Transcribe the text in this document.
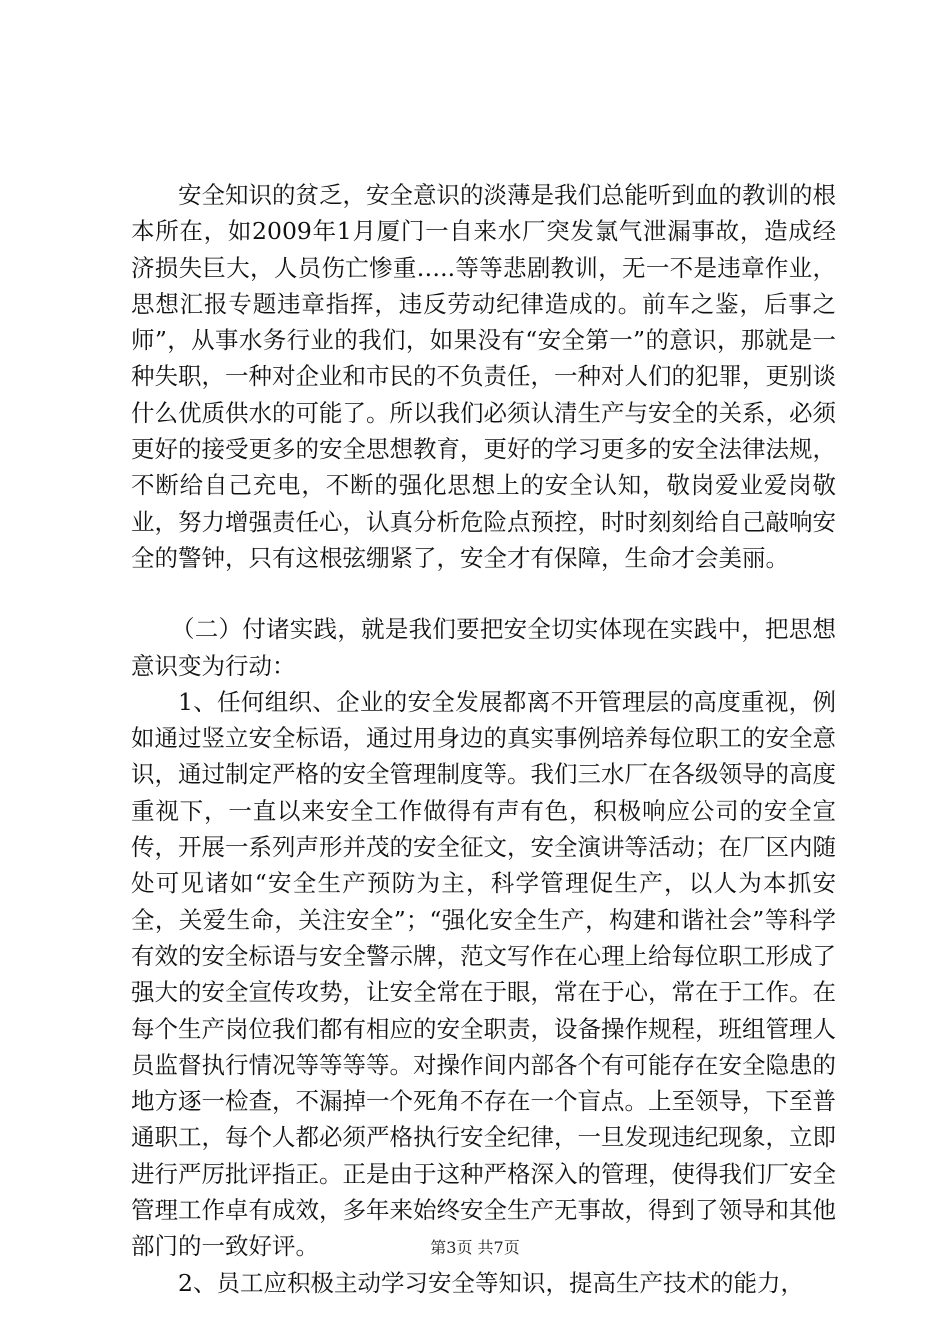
安全知识的贫乏，安全意识的淡薄是我们总能听到血的教训的根本所在，如2009年1月厦门一自来水厂突发氯气泄漏事故，造成经济损失巨大，人员伤亡惨重…..等等悲剧教训，无一不是违章作业，思想汇报专题违章指挥，违反劳动纪律造成的。前车之鉴，后事之师”，从事水务行业的我们，如果没有“安全第一”的意识，那就是一种失职，一种对企业和市民的不负责任，一种对人们的犯罪，更别谈什么优质供水的可能了。所以我们必须认清生产与安全的关系，必须更好的接受更多的安全思想教育，更好的学习更多的安全法律法规，不断给自己充电，不断的强化思想上的安全认知，敬岗爱业爱岗敬业，努力增强责任心，认真分析危险点预控，时时刻刻给自己敲响安全的警钟，只有这根弦绷紧了，安全才有保障，生命才会美丽。

（二）付诸实践，就是我们要把安全切实体现在实践中，把思想意识变为行动：

1、任何组织、企业的安全发展都离不开管理层的高度重视，例如通过竖立安全标语，通过用身边的真实事例培养每位职工的安全意识，通过制定严格的安全管理制度等。我们三水厂在各级领导的高度重视下，一直以来安全工作做得有声有色，积极响应公司的安全宣传，开展一系列声形并茂的安全征文，安全演讲等活动；在厂区内随处可见诸如“安全生产预防为主，科学管理促生产，以人为本抓安全，关爱生命，关注安全”；“强化安全生产，构建和谐社会”等科学有效的安全标语与安全警示牌，范文写作在心理上给每位职工形成了强大的安全宣传攻势，让安全常在于眼，常在于心，常在于工作。在每个生产岗位我们都有相应的安全职责，设备操作规程，班组管理人员监督执行情况等等等等。对操作间内部各个有可能存在安全隐患的地方逐一检查，不漏掉一个死角不存在一个盲点。上至领导，下至普通职工，每个人都必须严格执行安全纪律，一旦发现违纪现象，立即进行严厉批评指正。正是由于这种严格深入的管理，使得我们厂安全管理工作卓有成效，多年来始终安全生产无事故，得到了领导和其他部门的一致好评。

2、员工应积极主动学习安全等知识，提高生产技术的能力，

第3页 共7页
